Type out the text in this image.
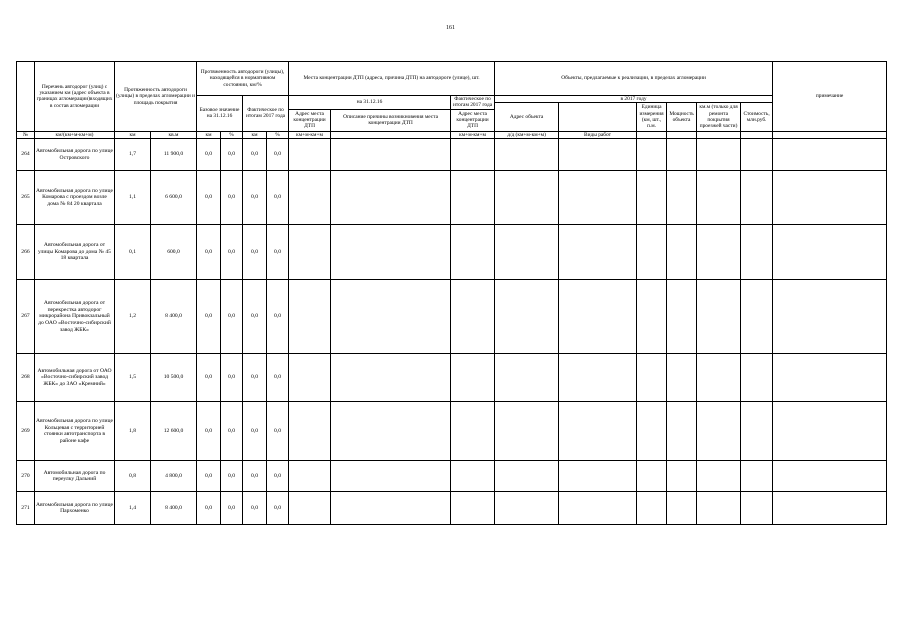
161
	Перечень автодорог (улиц) с указанием км (адрес объекта в границах агломерации)входящих в состав агломерации	Протяженность автодороги (улицы) в пределах агломерации и площадь покрытия		Протяженность автодороги (улицы), находящейся в нормативном состоянии, км/%				Места концентрации ДТП (адреса, причина ДТП) на автодороге (улице), шт.			Объекты, предлагаемые к реализации, в пределах агломерации						примечание
				Базовое значение на 31.12.16		Фактическое по итогам 2017 года		на 31.12.16		Фактическое по итогам 2017 года	в 2017 году						
											Адрес объекта		Единица измерения (км, шт., п.м.	Мощность объекта	км.м (только для ремонта покрытия проезжей части)	Стоимость, млн.руб.	
								Адрес места концентрации ДТП	Описание причины возникновения места концентрации ДТП	Адрес места концентрации ДТП							
№	км/(км+м-км+м)	км	кв.м	км	%	км	%	км+м-км+м		км+м-км+м	д/д (км+м-км+м)	Виды работ					
264	Автомобильная дорога по улице Островского	1,7	11 900,0	0,0	0,0	0,0	0,0										
265	Автомобильная дорога по улице Комарова с проездом возле дома № 84 20 квартала	1,1	6 600,0	0,0	0,0	0,0	0,0										
266	Автомобильная дорога от улицы Комарова до дома № 45 18 квартала	0,1	600,0	0,0	0,0	0,0	0,0										
267	Автомобильная дорога от перекрестка автодорог микрорайона Привокзальный до ОАО «Восточно-сибирский завод ЖБК»	1,2	8 400,0	0,0	0,0	0,0	0,0										
268	Автомобильная дорога от ОАО «Восточно-сибирский завод ЖБК» до ЗАО «Кремний»	1,5	10 500,0	0,0	0,0	0,0	0,0										
269	Автомобильная дорога по улице Кольцевая с территорией стоянки автотранспорта в районе кафе	1,8	12 600,0	0,0	0,0	0,0	0,0										
270	Автомобильная дорога по переулку Дальний	0,8	4 800,0	0,0	0,0	0,0	0,0										
271	Автомобильная дорога по улице Пархоменко	1,4	8 400,0	0,0	0,0	0,0	0,0										
